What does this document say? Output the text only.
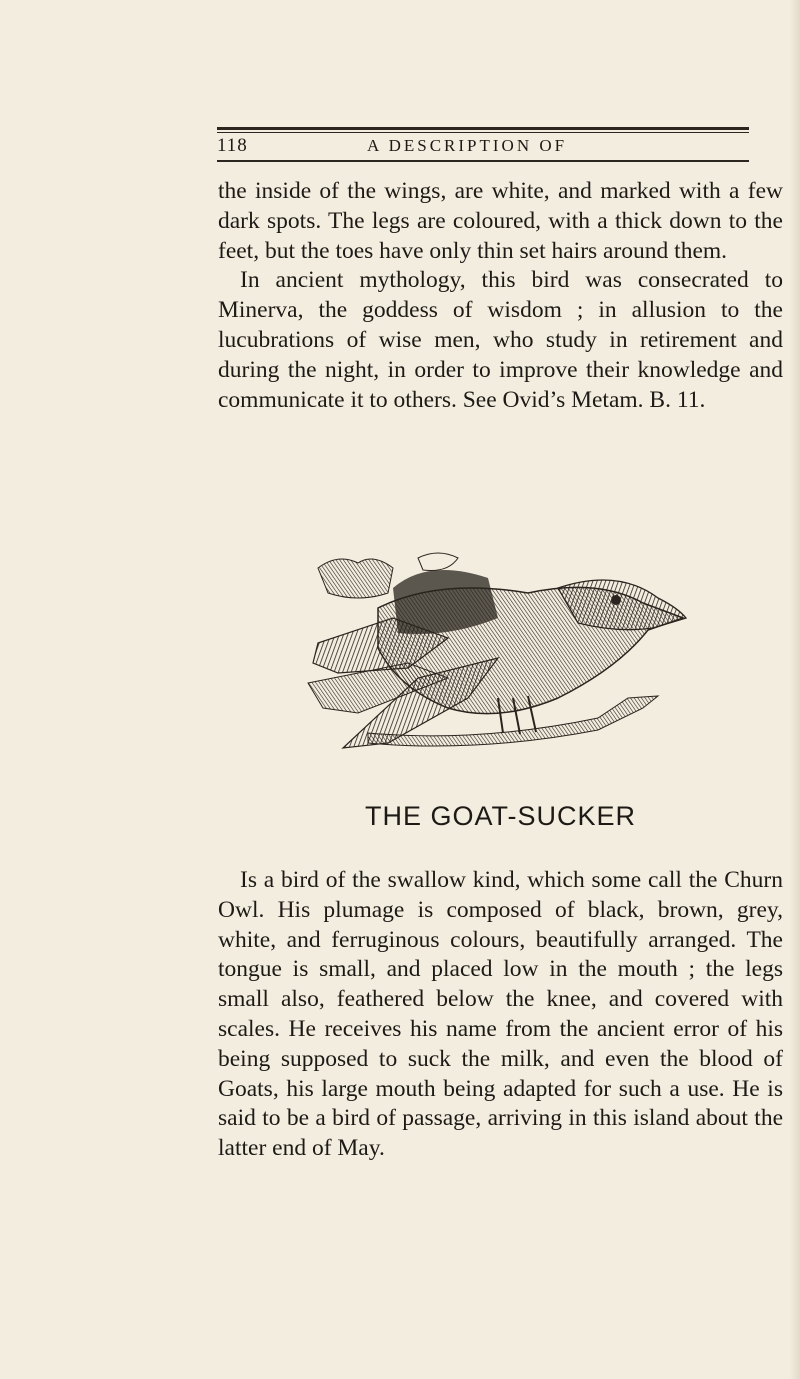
118	A DESCRIPTION OF

the inside of the wings, are white, and marked with a few dark spots. The legs are coloured, with a thick down to the feet, but the toes have only thin set hairs around them.

In ancient mythology, this bird was consecrated to Minerva, the goddess of wisdom ; in allusion to the lucubrations of wise men, who study in retirement and during the night, in order to improve their knowledge and communicate it to others. See Ovid’s Metam. B. 11.

THE GOAT-SUCKER

Is a bird of the swallow kind, which some call the Churn Owl. His plumage is composed of black, brown, grey, white, and ferruginous colours, beautifully arranged. The tongue is small, and placed low in the mouth ; the legs small also, feathered below the knee, and covered with scales. He receives his name from the ancient error of his being supposed to suck the milk, and even the blood of Goats, his large mouth being adapted for such a use. He is said to be a bird of passage, arriving in this island about the latter end of May.
